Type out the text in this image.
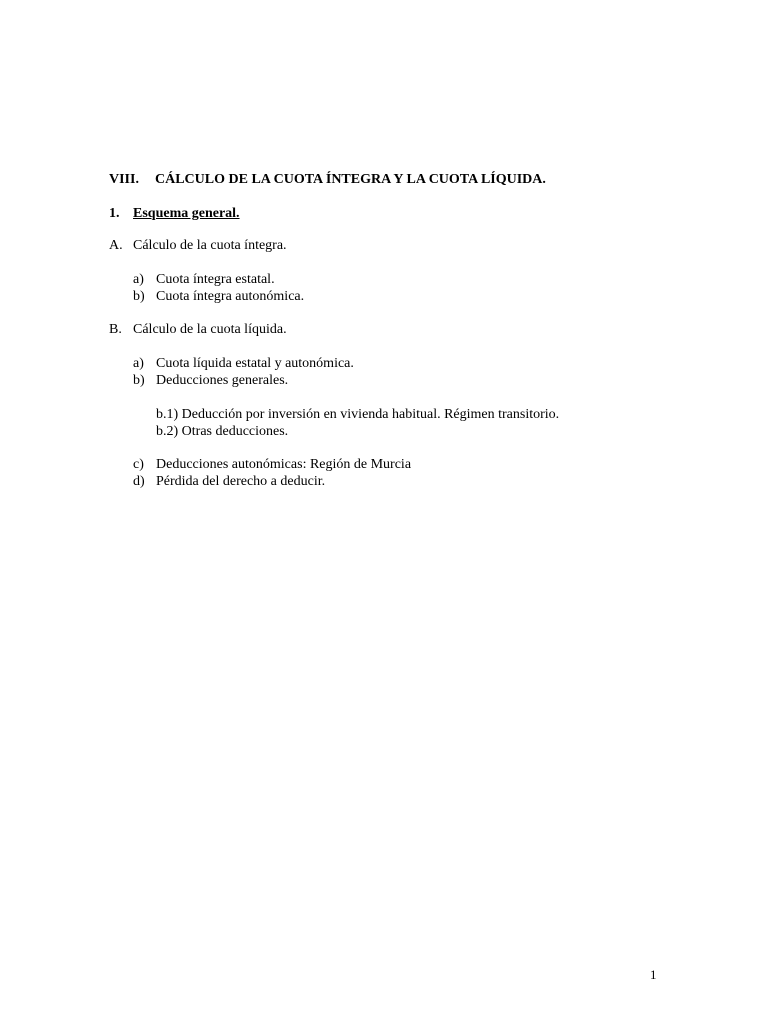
VIII. CÁLCULO DE LA CUOTA ÍNTEGRA Y LA CUOTA LÍQUIDA.
1. Esquema general.
A. Cálculo de la cuota íntegra.
a) Cuota íntegra estatal.
b) Cuota íntegra autonómica.
B. Cálculo de la cuota líquida.
a) Cuota líquida estatal y autonómica.
b) Deducciones generales.
b.1) Deducción por inversión en vivienda habitual. Régimen transitorio.
b.2) Otras deducciones.
c) Deducciones autonómicas: Región de Murcia
d) Pérdida del derecho a deducir.
1
